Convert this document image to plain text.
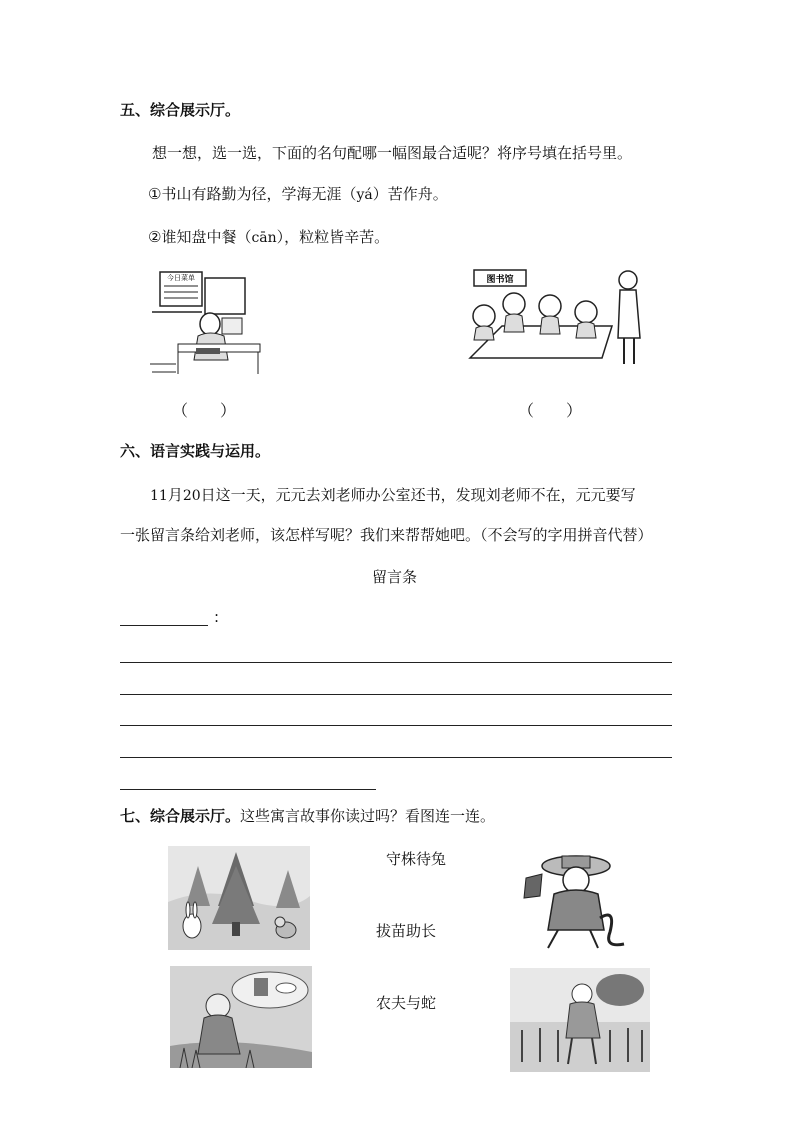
五、综合展示厅。
想一想，选一选，下面的名句配哪一幅图最合适呢？将序号填在括号里。
①书山有路勤为径，学海无涯（yá）苦作舟。
②谁知盘中餐（cān），粒粒皆辛苦。
今日菜单	图书馆
（ ）	（ ）
六、语言实践与运用。
11月20日这一天，元元去刘老师办公室还书，发现刘老师不在，元元要写
一张留言条给刘老师，该怎样写呢？我们来帮帮她吧。（不会写的字用拼音代替）
留言条
:
七、综合展示厅。这些寓言故事你读过吗？看图连一连。
守株待兔
拔苗助长
农夫与蛇
